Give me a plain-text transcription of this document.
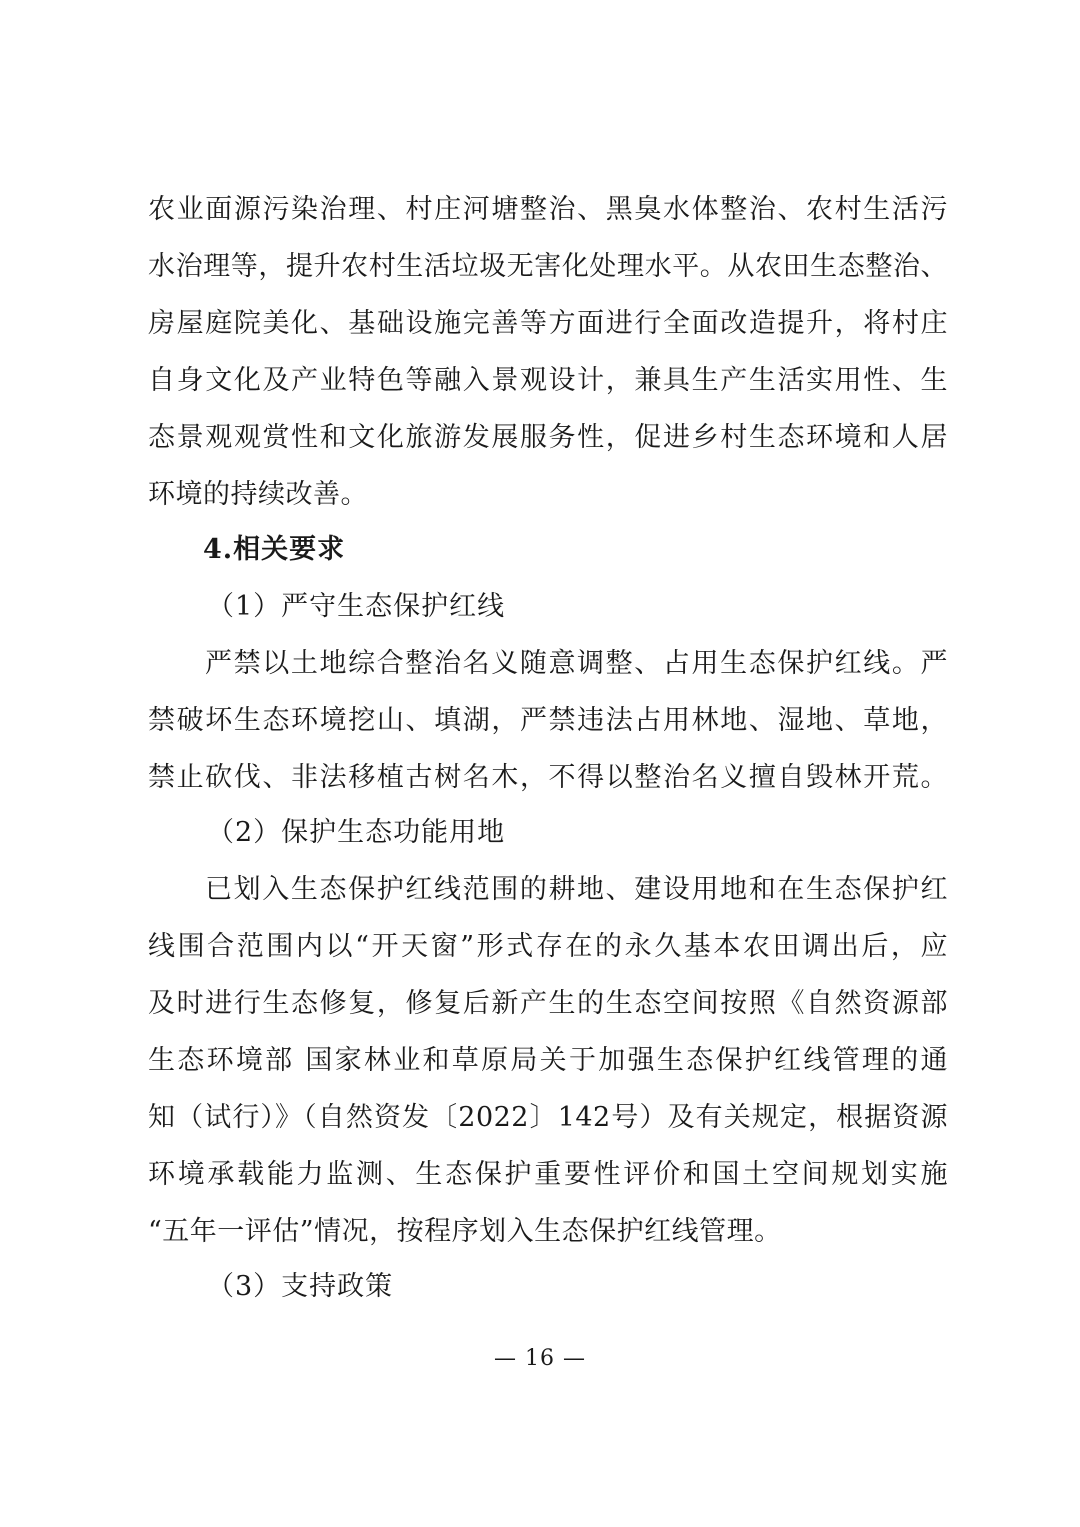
农业面源污染治理、村庄河塘整治、黑臭水体整治、农村生活污
水治理等，提升农村生活垃圾无害化处理水平。从农田生态整治、
房屋庭院美化、基础设施完善等方面进行全面改造提升，将村庄
自身文化及产业特色等融入景观设计，兼具生产生活实用性、生
态景观观赏性和文化旅游发展服务性，促进乡村生态环境和人居
环境的持续改善。
4.相关要求
（1）严守生态保护红线
严禁以土地综合整治名义随意调整、占用生态保护红线。严
禁破坏生态环境挖山、填湖，严禁违法占用林地、湿地、草地，
禁止砍伐、非法移植古树名木，不得以整治名义擅自毁林开荒。
（2）保护生态功能用地
已划入生态保护红线范围的耕地、建设用地和在生态保护红
线围合范围内以“开天窗”形式存在的永久基本农田调出后，应
及时进行生态修复，修复后新产生的生态空间按照《自然资源部
生态环境部 国家林业和草原局关于加强生态保护红线管理的通
知（试行）》（自然资发〔2022〕142号）及有关规定，根据资源
环境承载能力监测、生态保护重要性评价和国土空间规划实施
“五年一评估”情况，按程序划入生态保护红线管理。
（3）支持政策
— 16 —
